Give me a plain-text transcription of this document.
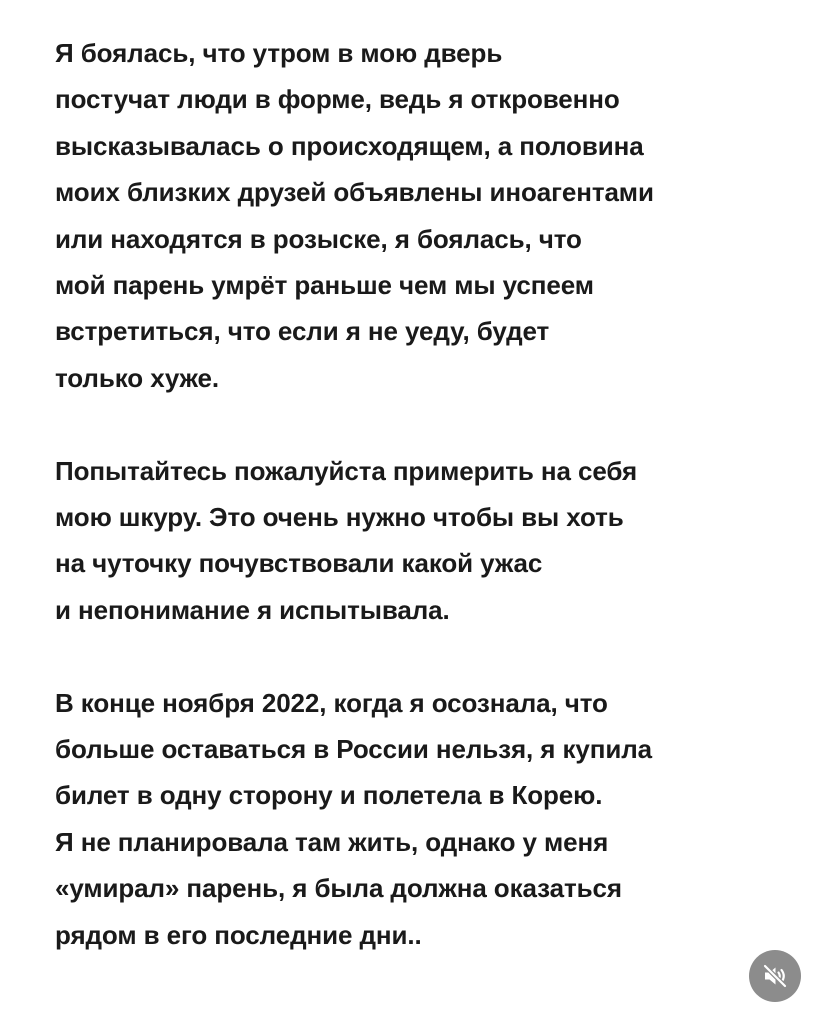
Я боялась, что утром в мою дверь
постучат люди в форме, ведь я откровенно
высказывалась о происходящем, а половина
моих близких друзей объявлены иноагентами
или находятся в розыске, я боялась, что
мой парень умрёт раньше чем мы успеем
встретиться, что если я не уеду, будет
только хуже.

Попытайтесь пожалуйста примерить на себя
мою шкуру. Это очень нужно чтобы вы хоть
на чуточку почувствовали какой ужас
и непонимание я испытывала.

В конце ноября 2022, когда я осознала, что
больше оставаться в России нельзя, я купила
билет в одну сторону и полетела в Корею.
Я не планировала там жить, однако у меня
«умирал» парень, я была должна оказаться
рядом в его последние дни..
